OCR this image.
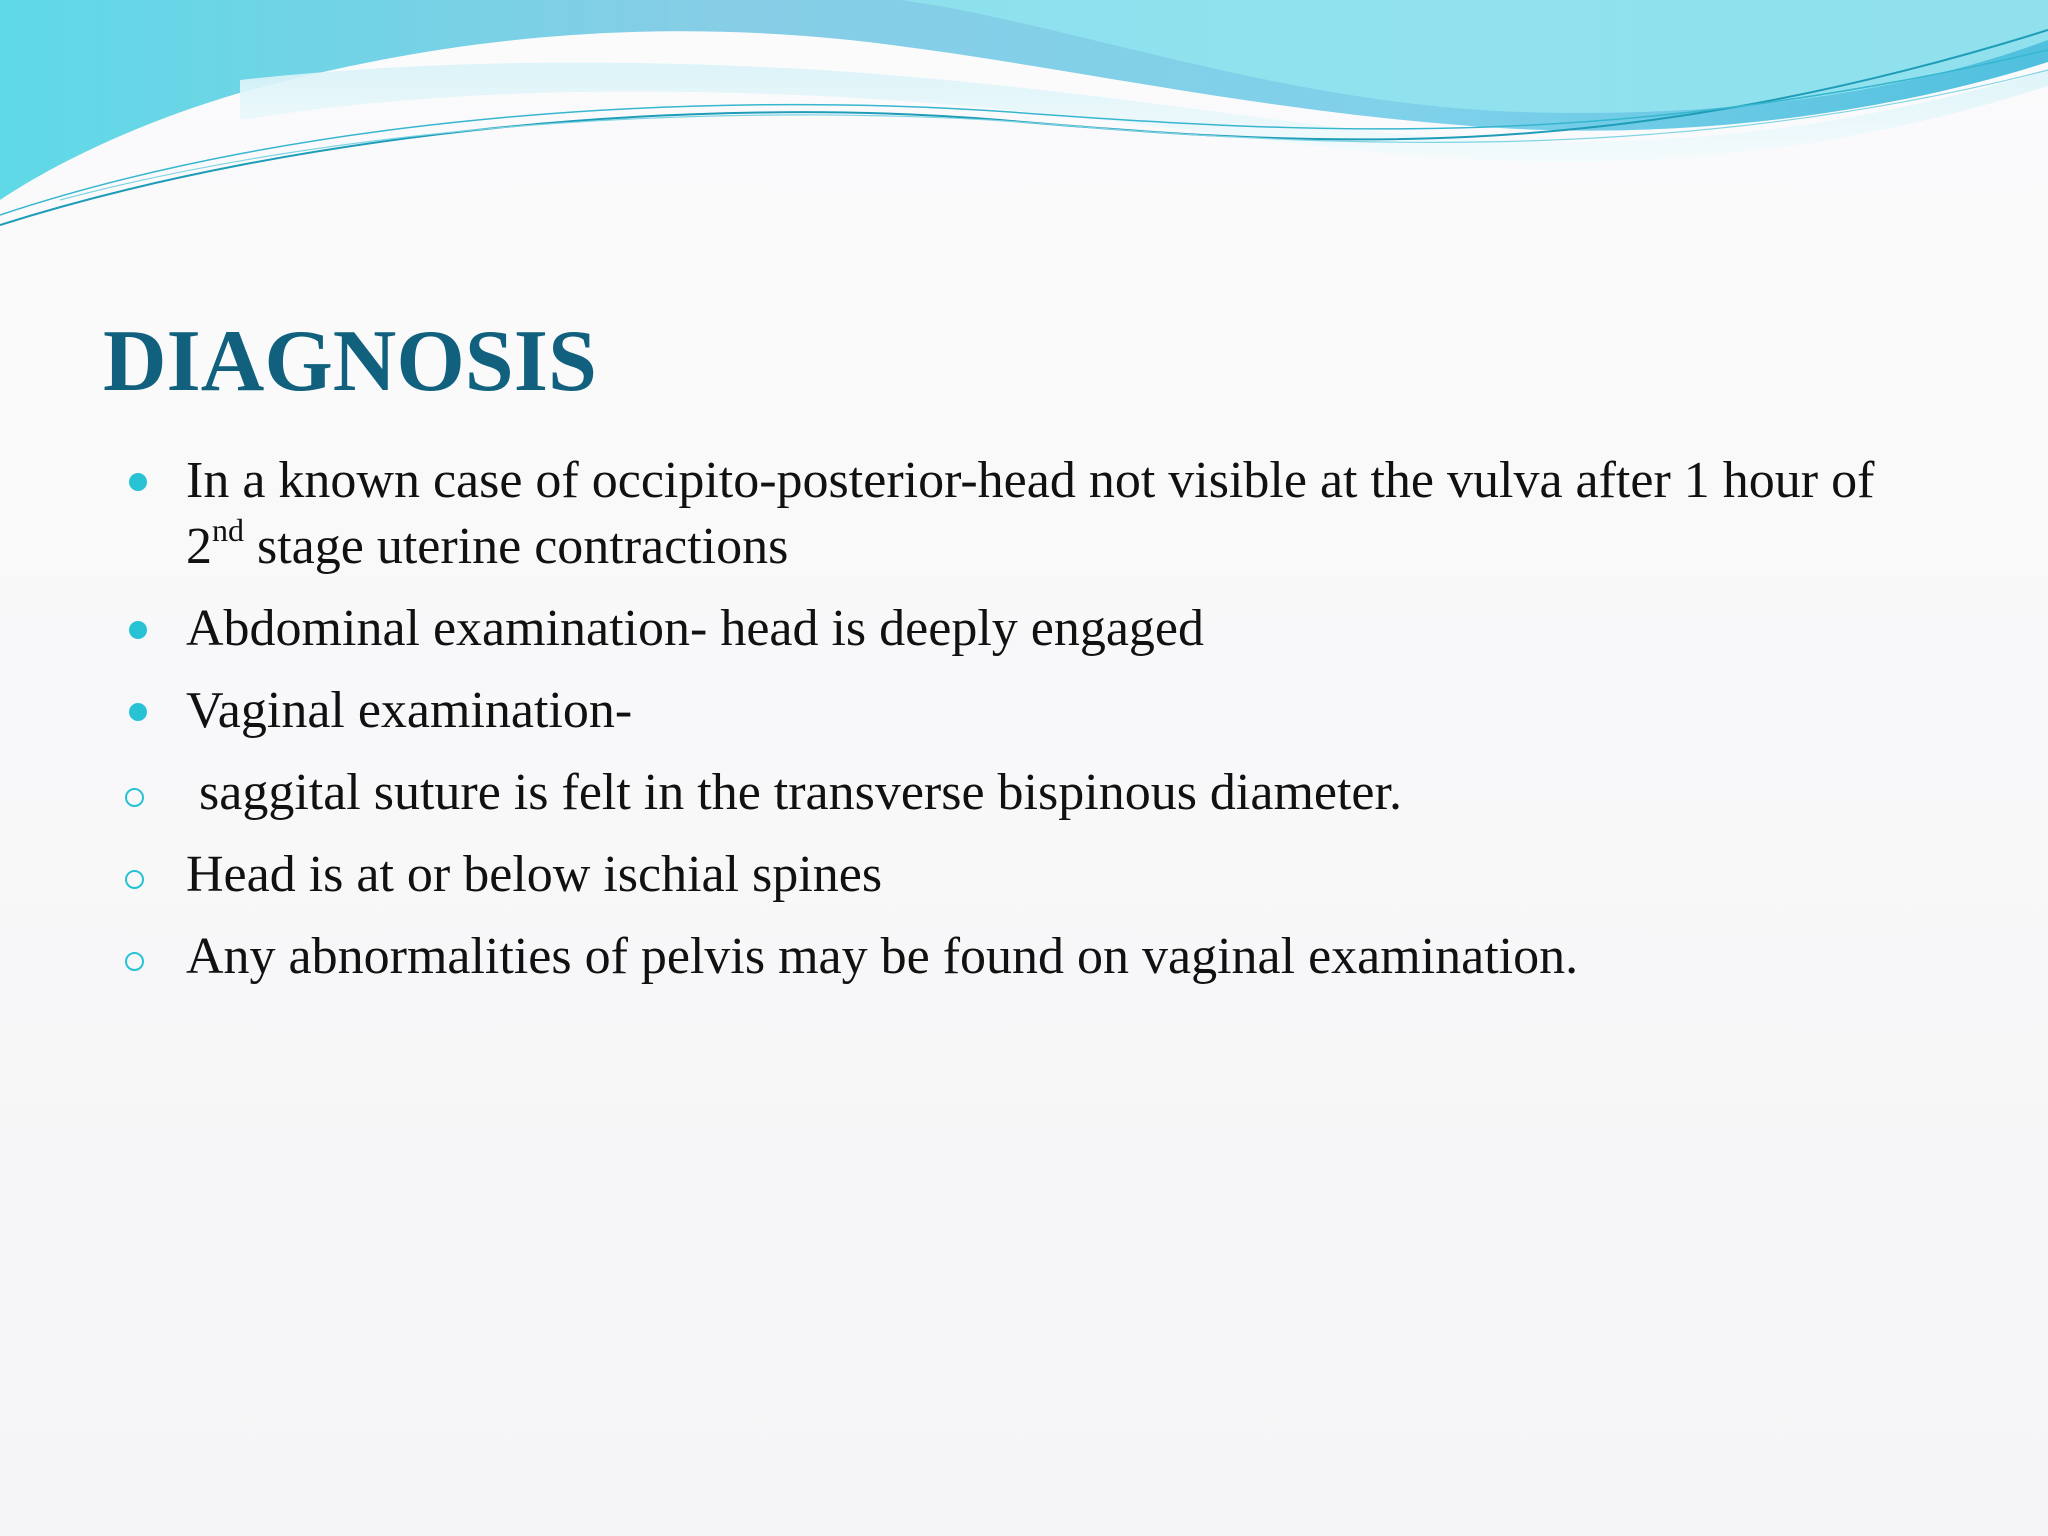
DIAGNOSIS
In a known case of occipito-posterior-head not visible at the vulva after 1 hour of 2nd stage uterine contractions
Abdominal examination- head is deeply engaged
Vaginal examination-
saggital suture is felt in the transverse bispinous diameter.
Head is at or below ischial spines
Any abnormalities of pelvis may be found on vaginal examination.
